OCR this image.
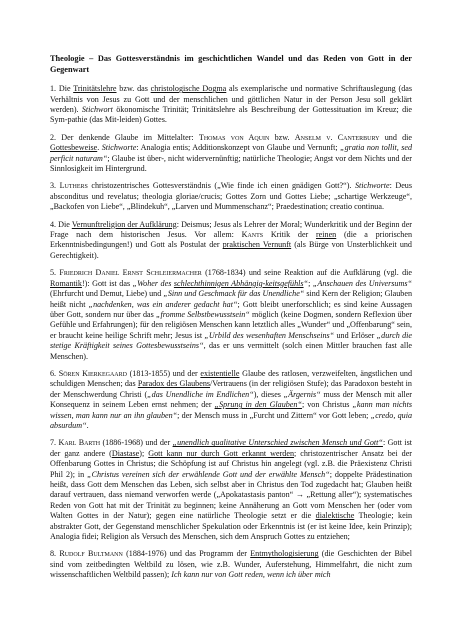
Theologie – Das Gottesverständnis im geschichtlichen Wandel und das Reden von Gott in der Gegenwart

1. Die Trinitätslehre bzw. das christologische Dogma als exemplarische und normative Schriftauslegung (das Verhältnis von Jesus zu Gott und der menschlichen und göttlichen Natur in der Person Jesu soll geklärt werden). Stichwort ökonomische Trinität; Trinitätslehre als Beschreibung der Gottessituation im Kreuz; die Sym-pathie (das Mit-leiden) Gottes.

2. Der denkende Glaube im Mittelalter: Thomas von Aquin bzw. Anselm v. Canterbury und die Gottesbeweise. Stichworte: Analogia entis; Additionskonzept von Glaube und Vernunft; „gratia non tollit, sed perficit naturam“; Glaube ist über-, nicht widervernünftig; natürliche Theologie; Angst vor dem Nichts und der Sinnlosigkeit im Hintergrund.

3. Luthers christozentrisches Gottesverständnis („Wie finde ich einen gnädigen Gott?“). Stichworte: Deus absconditus und revelatus; theologia gloriae/crucis; Gottes Zorn und Gottes Liebe; „schartige Werkzeuge“, „Backofen von Liebe“, „Blindekuh“, „Larven und Mummenschanz“; Praedestination; creatio continua.

4. Die Vernunftreligion der Aufklärung: Deismus; Jesus als Lehrer der Moral; Wunderkritik und der Beginn der Frage nach dem historischen Jesus. Vor allem: Kants Kritik der reinen (die a priorischen Erkenntnisbedingungen!) und Gott als Postulat der praktischen Vernunft (als Bürge von Unsterblichkeit und Gerechtigkeit).

5. Friedrich Daniel Ernst Schleiermacher (1768-1834) und seine Reaktion auf die Aufklärung (vgl. die Romantik!): Gott ist das „Woher des schlechthinnigen Abhängig-keitsgefühls“; „Anschauen des Universums“ (Ehrfurcht und Demut, Liebe) und „Sinn und Geschmack für das Unendliche“ sind Kern der Religion; Glauben heißt nicht „nachdenken, was ein anderer gedacht hat“; Gott bleibt unerforschlich; es sind keine Aussagen über Gott, sondern nur über das „fromme Selbstbewusstsein“ möglich (keine Dogmen, sondern Reflexion über Gefühle und Erfahrungen); für den religiösen Menschen kann letztlich alles „Wunder“ und „Offenbarung“ sein, er braucht keine heilige Schrift mehr; Jesus ist „Urbild des wesenhaften Menschseins“ und Erlöser „durch die stetige Kräftigkeit seines Gottesbewusstseins“, das er uns vermittelt (solch einen Mittler brauchen fast alle Menschen).

6. Sören Kierkegaard (1813-1855) und der existentielle Glaube des ratlosen, verzweifelten, ängstlichen und schuldigen Menschen; das Paradox des Glaubens/Vertrauens (in der religiösen Stufe); das Paradoxon besteht in der Menschwerdung Christi („das Unendliche im Endlichen“), dieses „Ärgernis“ muss der Mensch mit aller Konsequenz in seinem Leben ernst nehmen; der „Sprung in den Glauben“; von Christus „kann man nichts wissen, man kann nur an ihn glauben“; der Mensch muss in „Furcht und Zittern“ vor Gott leben; „credo, quia absurdum“.

7. Karl Barth (1886-1968) und der „unendlich qualitative Unterschied zwischen Mensch und Gott“: Gott ist der ganz andere (Diastase); Gott kann nur durch Gott erkannt werden; christozentrischer Ansatz bei der Offenbarung Gottes in Christus; die Schöpfung ist auf Christus hin angelegt (vgl. z.B. die Präexistenz Christi Phil 2); in „Christus vereinen sich der erwählende Gott und der erwählte Mensch“; doppelte Prädestination heißt, dass Gott dem Menschen das Leben, sich selbst aber in Christus den Tod zugedacht hat; Glauben heißt darauf vertrauen, dass niemand verworfen werde („Apokatastasis panton“ → „Rettung aller“); systematisches Reden von Gott hat mit der Trinität zu beginnen; keine Annäherung an Gott vom Menschen her (oder vom Walten Gottes in der Natur); gegen eine natürliche Theologie setzt er die dialektische Theologie; kein abstrakter Gott, der Gegenstand menschlicher Spekulation oder Erkenntnis ist (er ist keine Idee, kein Prinzip); Analogia fidei; Religion als Versuch des Menschen, sich dem Anspruch Gottes zu entziehen;

8. Rudolf Bultmann (1884-1976) und das Programm der Entmythologisierung (die Geschichten der Bibel sind vom zeitbedingten Weltbild zu lösen, wie z.B. Wunder, Auferstehung, Himmelfahrt, die nicht zum wissenschaftlichen Weltbild passen); Ich kann nur von Gott reden, wenn ich über mich
